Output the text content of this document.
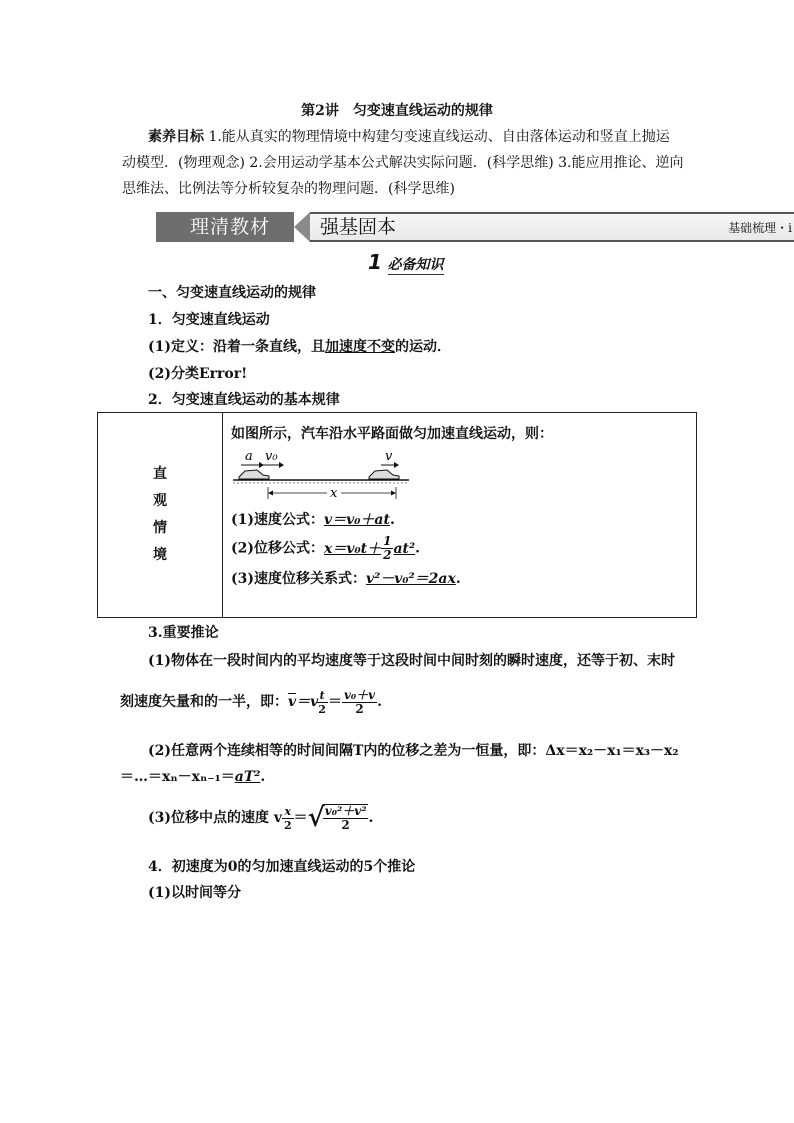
第2讲　匀变速直线运动的规律
素养目标 1.能从真实的物理情境中构建匀变速直线运动、自由落体运动和竖直上抛运
动模型．(物理观念) 2.会用运动学基本公式解决实际问题．(科学思维) 3.能应用推论、逆向
思维法、比例法等分析较复杂的物理问题．(科学思维)
理清教材	强基固本	基础梳理・i
1 必备知识
一、匀变速直线运动的规律
1．匀变速直线运动
(1)定义：沿着一条直线，且加速度不变的运动．
(2)分类Error!
2．匀变速直线运动的基本规律
直
观
情
境

如图所示，汽车沿水平路面做匀加速直线运动，则：
a v₀	v
x
(1)速度公式：v＝v₀＋at.
(2)位移公式：$x=v_0t+ \frac{1}{2} at^2$.
(3)速度位移关系式：v²－v₀²＝2ax.
3.重要推论
(1)物体在一段时间内的平均速度等于这段时间中间时刻的瞬时速度，还等于初、末时
刻速度矢量和的一半，即：$\overline{v}=v$
$\frac{t}{2} = \frac{\text{v₀＋v}}{2}$ .
(2)任意两个连续相等的时间间隔T内的位移之差为一恒量，即：Δx＝x₂－x₁＝x₃－x₂
＝…＝xₙ－xₙ₋₁＝aT².
(3)位移中点的速度 v $\frac{x}{2}$ ＝√
$\frac{\text{v₀²＋v²}}{2}$ .
4．初速度为0的匀加速直线运动的5个推论
(1)以时间等分
